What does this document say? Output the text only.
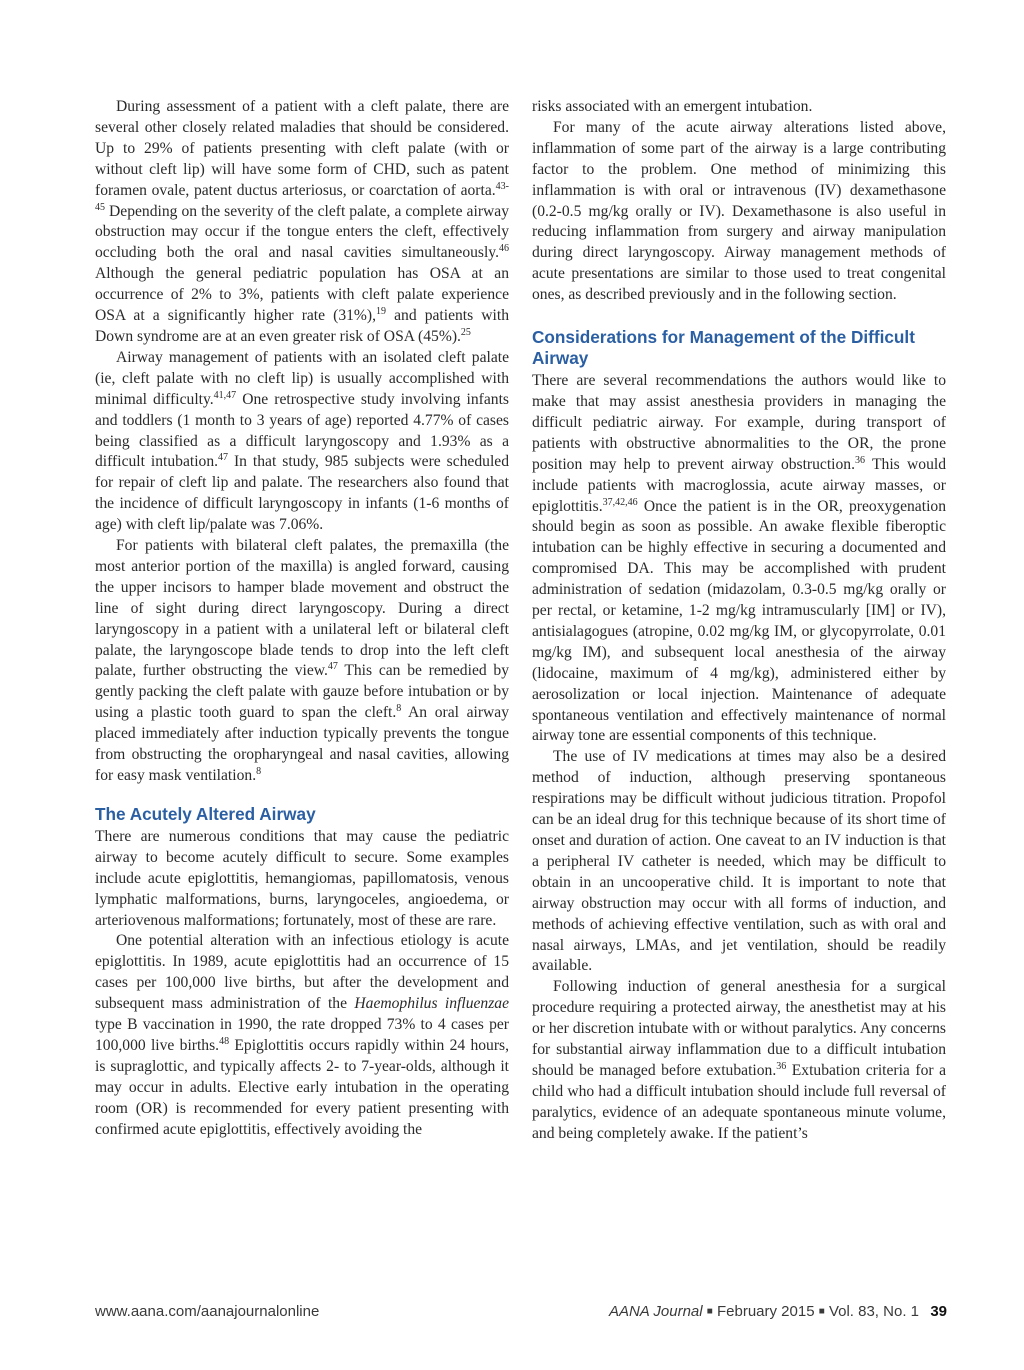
During assessment of a patient with a cleft palate, there are several other closely related maladies that should be considered. Up to 29% of patients presenting with cleft palate (with or without cleft lip) will have some form of CHD, such as patent foramen ovale, patent ductus arteriosus, or coarctation of aorta.$^{43-45}$ Depending on the severity of the cleft palate, a complete airway obstruction may occur if the tongue enters the cleft, effectively occluding both the oral and nasal cavities simultaneously.$^{46}$ Although the general pediatric population has OSA at an occurrence of 2% to 3%, patients with cleft palate experience OSA at a significantly higher rate (31%),$^{19}$ and patients with Down syndrome are at an even greater risk of OSA (45%).$^{25}$

Airway management of patients with an isolated cleft palate (ie, cleft palate with no cleft lip) is usually accomplished with minimal difficulty.$^{41,47}$ One retrospective study involving infants and toddlers (1 month to 3 years of age) reported 4.77% of cases being classified as a difficult laryngoscopy and 1.93% as a difficult intubation.$^{47}$ In that study, 985 subjects were scheduled for repair of cleft lip and palate. The researchers also found that the incidence of difficult laryngoscopy in infants (1-6 months of age) with cleft lip/palate was 7.06%.

For patients with bilateral cleft palates, the premaxilla (the most anterior portion of the maxilla) is angled forward, causing the upper incisors to hamper blade movement and obstruct the line of sight during direct laryngoscopy. During a direct laryngoscopy in a patient with a unilateral left or bilateral cleft palate, the laryngoscope blade tends to drop into the left cleft palate, further obstructing the view.$^{47}$ This can be remedied by gently packing the cleft palate with gauze before intubation or by using a plastic tooth guard to span the cleft.$^8$ An oral airway placed immediately after induction typically prevents the tongue from obstructing the oropharyngeal and nasal cavities, allowing for easy mask ventilation.$^8$

The Acutely Altered Airway

There are numerous conditions that may cause the pediatric airway to become acutely difficult to secure. Some examples include acute epiglottitis, hemangiomas, papillomatosis, venous lymphatic malformations, burns, laryngoceles, angioedema, or arteriovenous malformations; fortunately, most of these are rare.

One potential alteration with an infectious etiology is acute epiglottitis. In 1989, acute epiglottitis had an occurrence of 15 cases per 100,000 live births, but after the development and subsequent mass administration of the Haemophilus influenzae type B vaccination in 1990, the rate dropped 73% to 4 cases per 100,000 live births.$^{48}$ Epiglottitis occurs rapidly within 24 hours, is supraglottic, and typically affects 2- to 7-year-olds, although it may occur in adults. Elective early intubation in the operating room (OR) is recommended for every patient presenting with confirmed acute epiglottitis, effectively avoiding the

risks associated with an emergent intubation.

For many of the acute airway alterations listed above, inflammation of some part of the airway is a large contributing factor to the problem. One method of minimizing this inflammation is with oral or intravenous (IV) dexamethasone (0.2-0.5 mg/kg orally or IV). Dexamethasone is also useful in reducing inflammation from surgery and airway manipulation during direct laryngoscopy. Airway management methods of acute presentations are similar to those used to treat congenital ones, as described previously and in the following section.

Considerations for Management of the Difficult Airway

There are several recommendations the authors would like to make that may assist anesthesia providers in managing the difficult pediatric airway. For example, during transport of patients with obstructive abnormalities to the OR, the prone position may help to prevent airway obstruction.$^{36}$ This would include patients with macroglossia, acute airway masses, or epiglottitis.$^{37,42,46}$ Once the patient is in the OR, preoxygenation should begin as soon as possible. An awake flexible fiberoptic intubation can be highly effective in securing a documented and compromised DA. This may be accomplished with prudent administration of sedation (midazolam, 0.3-0.5 mg/kg orally or per rectal, or ketamine, 1-2 mg/kg intramuscularly [IM] or IV), antisialagogues (atropine, 0.02 mg/kg IM, or glycopyrrolate, 0.01 mg/kg IM), and subsequent local anesthesia of the airway (lidocaine, maximum of 4 mg/kg), administered either by aerosolization or local injection. Maintenance of adequate spontaneous ventilation and effectively maintenance of normal airway tone are essential components of this technique.

The use of IV medications at times may also be a desired method of induction, although preserving spontaneous respirations may be difficult without judicious titration. Propofol can be an ideal drug for this technique because of its short time of onset and duration of action. One caveat to an IV induction is that a peripheral IV catheter is needed, which may be difficult to obtain in an uncooperative child. It is important to note that airway obstruction may occur with all forms of induction, and methods of achieving effective ventilation, such as with oral and nasal airways, LMAs, and jet ventilation, should be readily available.

Following induction of general anesthesia for a surgical procedure requiring a protected airway, the anesthetist may at his or her discretion intubate with or without paralytics. Any concerns for substantial airway inflammation due to a difficult intubation should be managed before extubation.$^{36}$ Extubation criteria for a child who had a difficult intubation should include full reversal of paralytics, evidence of an adequate spontaneous minute volume, and being completely awake. If the patient’s

www.aana.com/aanajournalonline	AANA Journal ■ February 2015 ■ Vol. 83, No. 1 39
